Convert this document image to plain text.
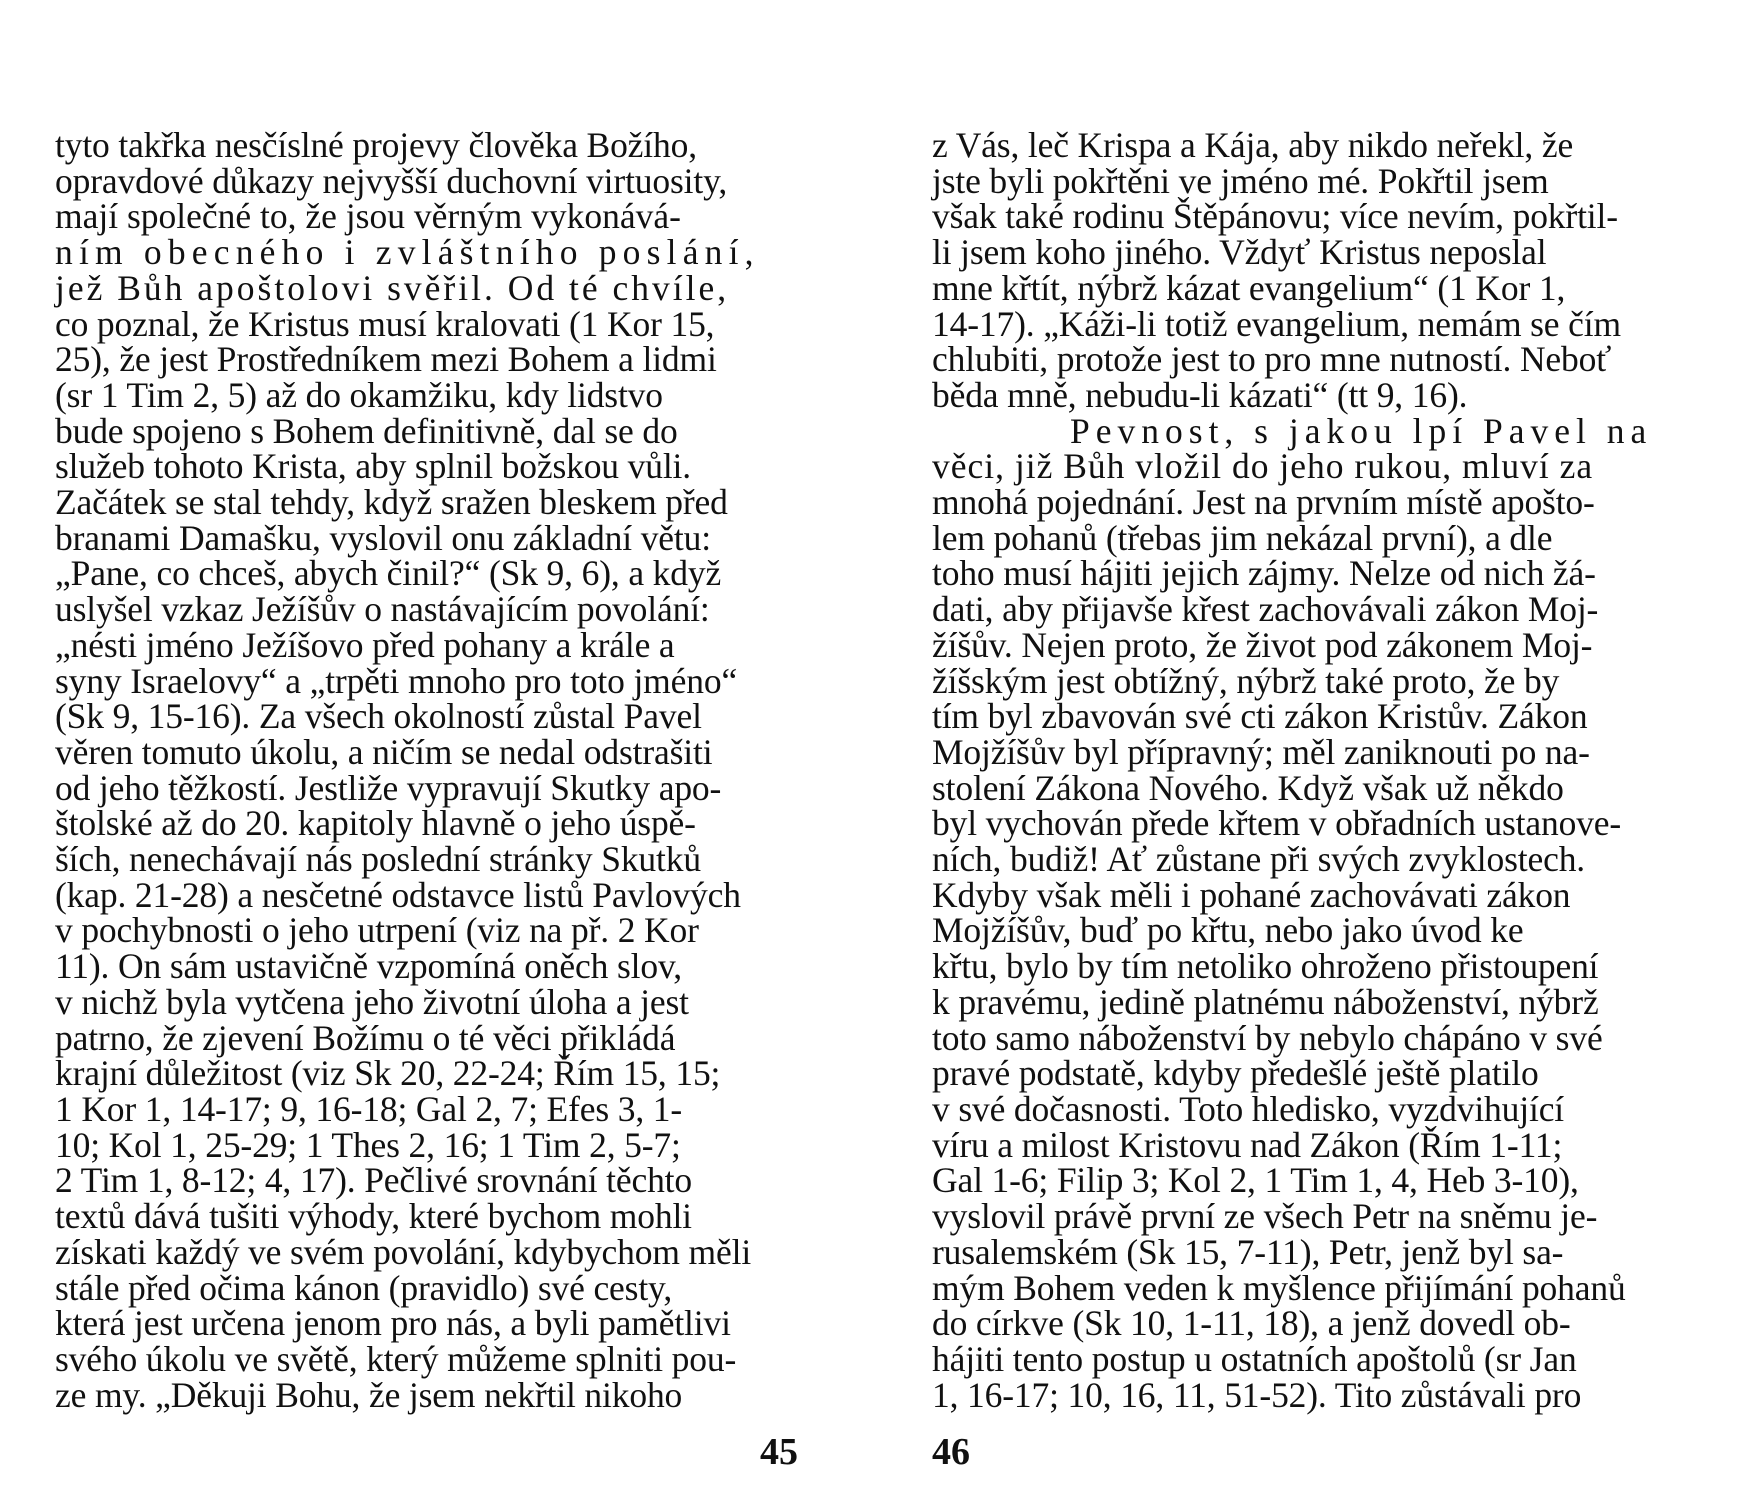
tyto takřka nesčíslné projevy člověka Božího,
opravdové důkazy nejvyšší duchovní virtuosity,
mají společné to, že jsou věrným vykonává-
ním obecného i zvláštního poslání,
jež Bůh apoštolovi svěřil. Od té chvíle,
co poznal, že Kristus musí kralovati (1 Kor 15,
25), že jest Prostředníkem mezi Bohem a lidmi
(sr 1 Tim 2, 5) až do okamžiku, kdy lidstvo
bude spojeno s Bohem definitivně, dal se do
služeb tohoto Krista, aby splnil božskou vůli.
Začátek se stal tehdy, když sražen bleskem před
branami Damašku, vyslovil onu základní větu:
„Pane, co chceš, abych činil?“ (Sk 9, 6), a když
uslyšel vzkaz Ježíšův o nastávajícím povolání:
„nésti jméno Ježíšovo před pohany a krále a
syny Israelovy“ a „trpěti mnoho pro toto jméno“
(Sk 9, 15-16). Za všech okolností zůstal Pavel
věren tomuto úkolu, a ničím se nedal odstrašiti
od jeho těžkostí. Jestliže vypravují Skutky apo-
štolské až do 20. kapitoly hlavně o jeho úspě-
ších, nenechávají nás poslední stránky Skutků
(kap. 21-28) a nesčetné odstavce listů Pavlových
v pochybnosti o jeho utrpení (viz na př. 2 Kor
11). On sám ustavičně vzpomíná oněch slov,
v nichž byla vytčena jeho životní úloha a jest
patrno, že zjevení Božímu o té věci přikládá
krajní důležitost (viz Sk 20, 22-24; Řím 15, 15;
1 Kor 1, 14-17; 9, 16-18; Gal 2, 7; Efes 3, 1-
10; Kol 1, 25-29; 1 Thes 2, 16; 1 Tim 2, 5-7;
2 Tim 1, 8-12; 4, 17). Pečlivé srovnání těchto
textů dává tušiti výhody, které bychom mohli
získati každý ve svém povolání, kdybychom měli
stále před očima kánon (pravidlo) své cesty,
která jest určena jenom pro nás, a byli pamětlivi
svého úkolu ve světě, který můžeme splniti pou-
ze my. „Děkuji Bohu, že jsem nekřtil nikoho
z Vás, leč Krispa a Kája, aby nikdo neřekl, že
jste byli pokřtěni ve jméno mé. Pokřtil jsem
však také rodinu Štěpánovu; více nevím, pokřtil-
li jsem koho jiného. Vždyť Kristus neposlal
mne křtít, nýbrž kázat evangelium“ (1 Kor 1,
14-17). „Káži-li totiž evangelium, nemám se čím
chlubiti, protože jest to pro mne nutností. Neboť
běda mně, nebudu-li kázati“ (tt 9, 16).
Pevnost, s jakou lpí Pavel na
věci, již Bůh vložil do jeho rukou, mluví za
mnohá pojednání. Jest na prvním místě apošto-
lem pohanů (třebas jim nekázal první), a dle
toho musí hájiti jejich zájmy. Nelze od nich žá-
dati, aby přijavše křest zachovávali zákon Moj-
žíšův. Nejen proto, že život pod zákonem Moj-
žíšským jest obtížný, nýbrž také proto, že by
tím byl zbavován své cti zákon Kristův. Zákon
Mojžíšův byl přípravný; měl zaniknouti po na-
stolení Zákona Nového. Když však už někdo
byl vychován přede křtem v obřadních ustanove-
ních, budiž! Ať zůstane při svých zvyklostech.
Kdyby však měli i pohané zachovávati zákon
Mojžíšův, buď po křtu, nebo jako úvod ke
křtu, bylo by tím netoliko ohroženo přistoupení
k pravému, jedině platnému náboženství, nýbrž
toto samo náboženství by nebylo chápáno v své
pravé podstatě, kdyby předešlé ještě platilo
v své dočasnosti. Toto hledisko, vyzdvihující
víru a milost Kristovu nad Zákon (Řím 1-11;
Gal 1-6; Filip 3; Kol 2, 1 Tim 1, 4, Heb 3-10),
vyslovil právě první ze všech Petr na sněmu je-
rusalemském (Sk 15, 7-11), Petr, jenž byl sa-
mým Bohem veden k myšlence přijímání pohanů
do církve (Sk 10, 1-11, 18), a jenž dovedl ob-
hájiti tento postup u ostatních apoštolů (sr Jan
1, 16-17; 10, 16, 11, 51-52). Tito zůstávali pro
45	46
